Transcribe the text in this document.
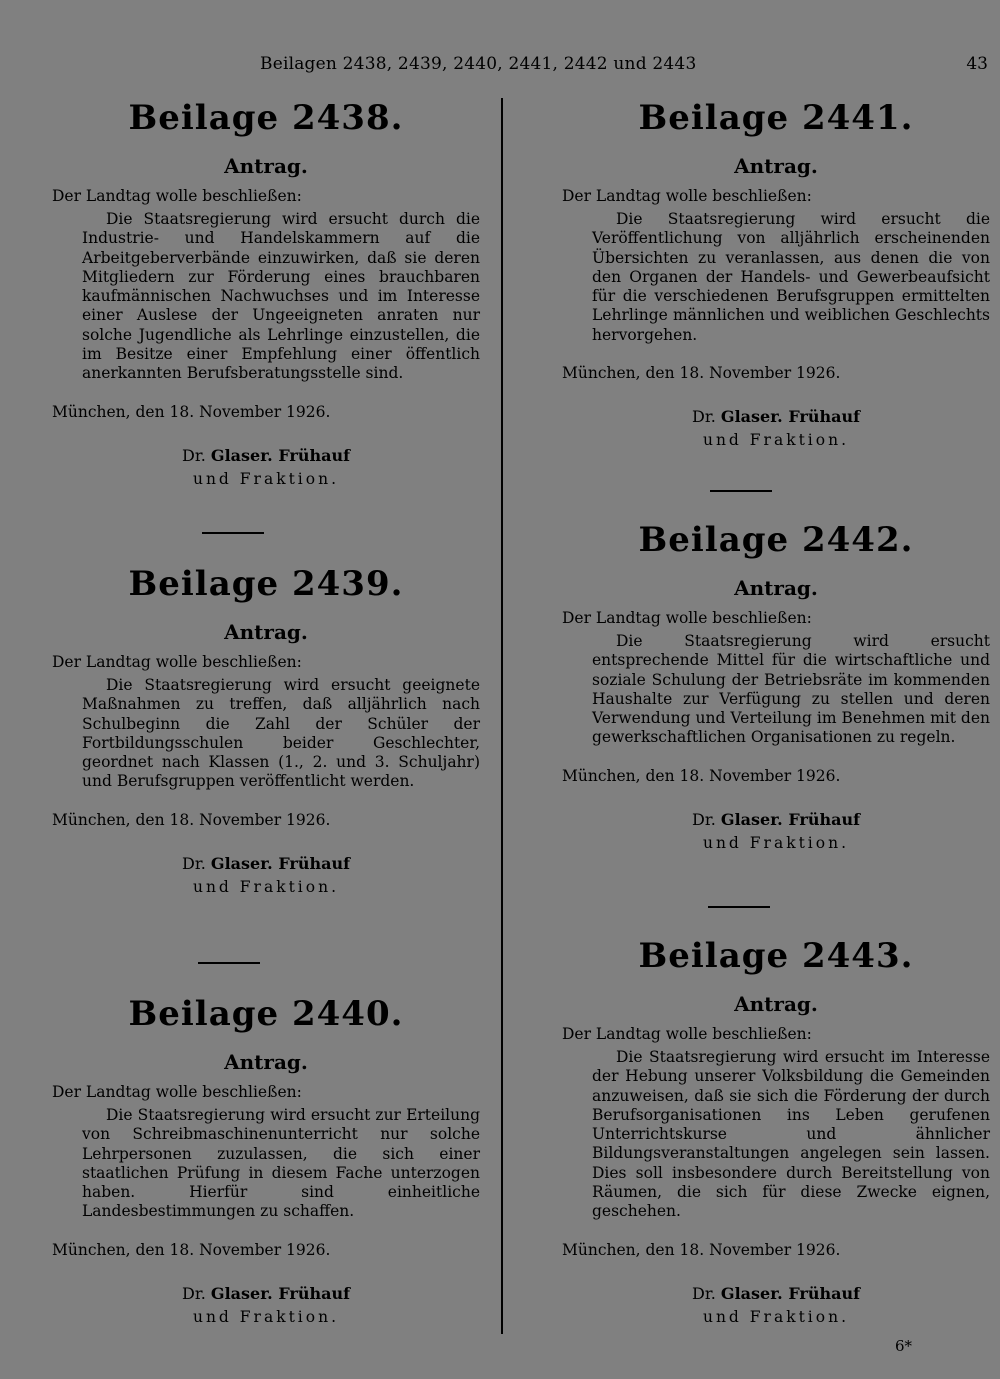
Beilagen 2438, 2439, 2440, 2441, 2442 und 2443	43
Beilage 2438.
Antrag.
Der Landtag wolle beschließen:
Die Staatsregierung wird ersucht durch die Industrie- und Handelskammern auf die Arbeitgeberverbände einzuwirken, daß sie deren Mitgliedern zur Förderung eines brauchbaren kaufmännischen Nachwuchses und im Interesse einer Auslese der Ungeeigneten anraten nur solche Jugendliche als Lehrlinge einzustellen, die im Besitze einer Empfehlung einer öffentlich anerkannten Berufsberatungsstelle sind.
München, den 18. November 1926.
Dr. Glaser. Frühauf
und Fraktion.
Beilage 2439.
Antrag.
Der Landtag wolle beschließen:
Die Staatsregierung wird ersucht geeignete Maßnahmen zu treffen, daß alljährlich nach Schulbeginn die Zahl der Schüler der Fortbildungsschulen beider Geschlechter, geordnet nach Klassen (1., 2. und 3. Schuljahr) und Berufsgruppen veröffentlicht werden.
München, den 18. November 1926.
Dr. Glaser. Frühauf
und Fraktion.
Beilage 2440.
Antrag.
Der Landtag wolle beschließen:
Die Staatsregierung wird ersucht zur Erteilung von Schreibmaschinenunterricht nur solche Lehrpersonen zuzulassen, die sich einer staatlichen Prüfung in diesem Fache unterzogen haben. Hierfür sind einheitliche Landesbestimmungen zu schaffen.
München, den 18. November 1926.
Dr. Glaser. Frühauf
und Fraktion.
Beilage 2441.
Antrag.
Der Landtag wolle beschließen:
Die Staatsregierung wird ersucht die Veröffentlichung von alljährlich erscheinenden Übersichten zu veranlassen, aus denen die von den Organen der Handels- und Gewerbeaufsicht für die verschiedenen Berufsgruppen ermittelten Lehrlinge männlichen und weiblichen Geschlechts hervorgehen.
München, den 18. November 1926.
Dr. Glaser. Frühauf
und Fraktion.
Beilage 2442.
Antrag.
Der Landtag wolle beschließen:
Die Staatsregierung wird ersucht entsprechende Mittel für die wirtschaftliche und soziale Schulung der Betriebsräte im kommenden Haushalte zur Verfügung zu stellen und deren Verwendung und Verteilung im Benehmen mit den gewerkschaftlichen Organisationen zu regeln.
München, den 18. November 1926.
Dr. Glaser. Frühauf
und Fraktion.
Beilage 2443.
Antrag.
Der Landtag wolle beschließen:
Die Staatsregierung wird ersucht im Interesse der Hebung unserer Volksbildung die Gemeinden anzuweisen, daß sie sich die Förderung der durch Berufsorganisationen ins Leben gerufenen Unterrichtskurse und ähnlicher Bildungsveranstaltungen angelegen sein lassen. Dies soll insbesondere durch Bereitstellung von Räumen, die sich für diese Zwecke eignen, geschehen.
München, den 18. November 1926.
Dr. Glaser. Frühauf
und Fraktion.
6*
